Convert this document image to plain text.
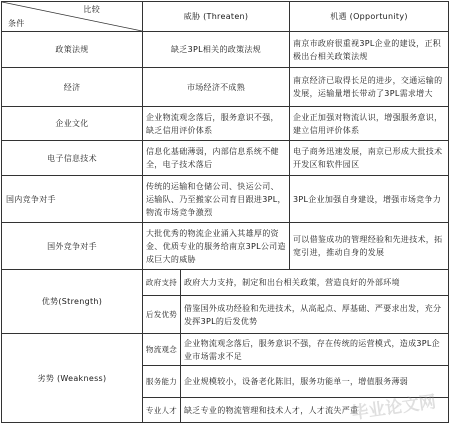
比较
条件	威胁 (Threaten)		机遇 (Opportunity)
政策法规	缺乏3PL相关的政策法规		南京市政府很重视3PL企业的建设，正积极出台相关政策法规
经济	市场经济不成熟		南京经济已取得长足的进步，交通运输的发展，运输量增长带动了3PL需求增大
企业文化	企业物流观念落后，服务意识不强，缺乏信用评价体系		企业正加强对物流认识，增强服务意识，建立信用评价体系
电子信息技术	信息化基础薄弱，内部信息系统不健全，电子技术落后		电子商务迅速发展，南京已形成大批技术开发区和软件园区
国内竞争对手	传统的运输和仓储公司、快运公司、运输队、乃至搬家公司育目跟进3PL，物流市场竞争激烈		3PL企业加强自身建设，增强市场竞争力
国外竞争对手	大批优秀的物流企业涌入其雄厚的资金、优质专业的服务给南京3PL公司造成巨大的威胁		可以借鉴成功的管理经验和先进技术，拓宽引进，推动自身的发展
优势(Strength)	政府支持	政府大力支持，制定和出台相关政策，营造良好的外部环境	
	后发优势	借鉴国外成功经验和先进技术，从高起点、厚基础、严要求出发，充分发挥3PL的后发优势	
劣势 (Weakness)	物流观念	企业物流观念落后，服务意识不强，存在传统的运营模式，造成3PL企业市场需求不足	
	服务能力	企业规模较小，设备老化陈旧，服务功能单一，增值服务薄弱	
	专业人才	缺乏专业的物流管理和技术人才，人才流失严重	
毕业论文网
